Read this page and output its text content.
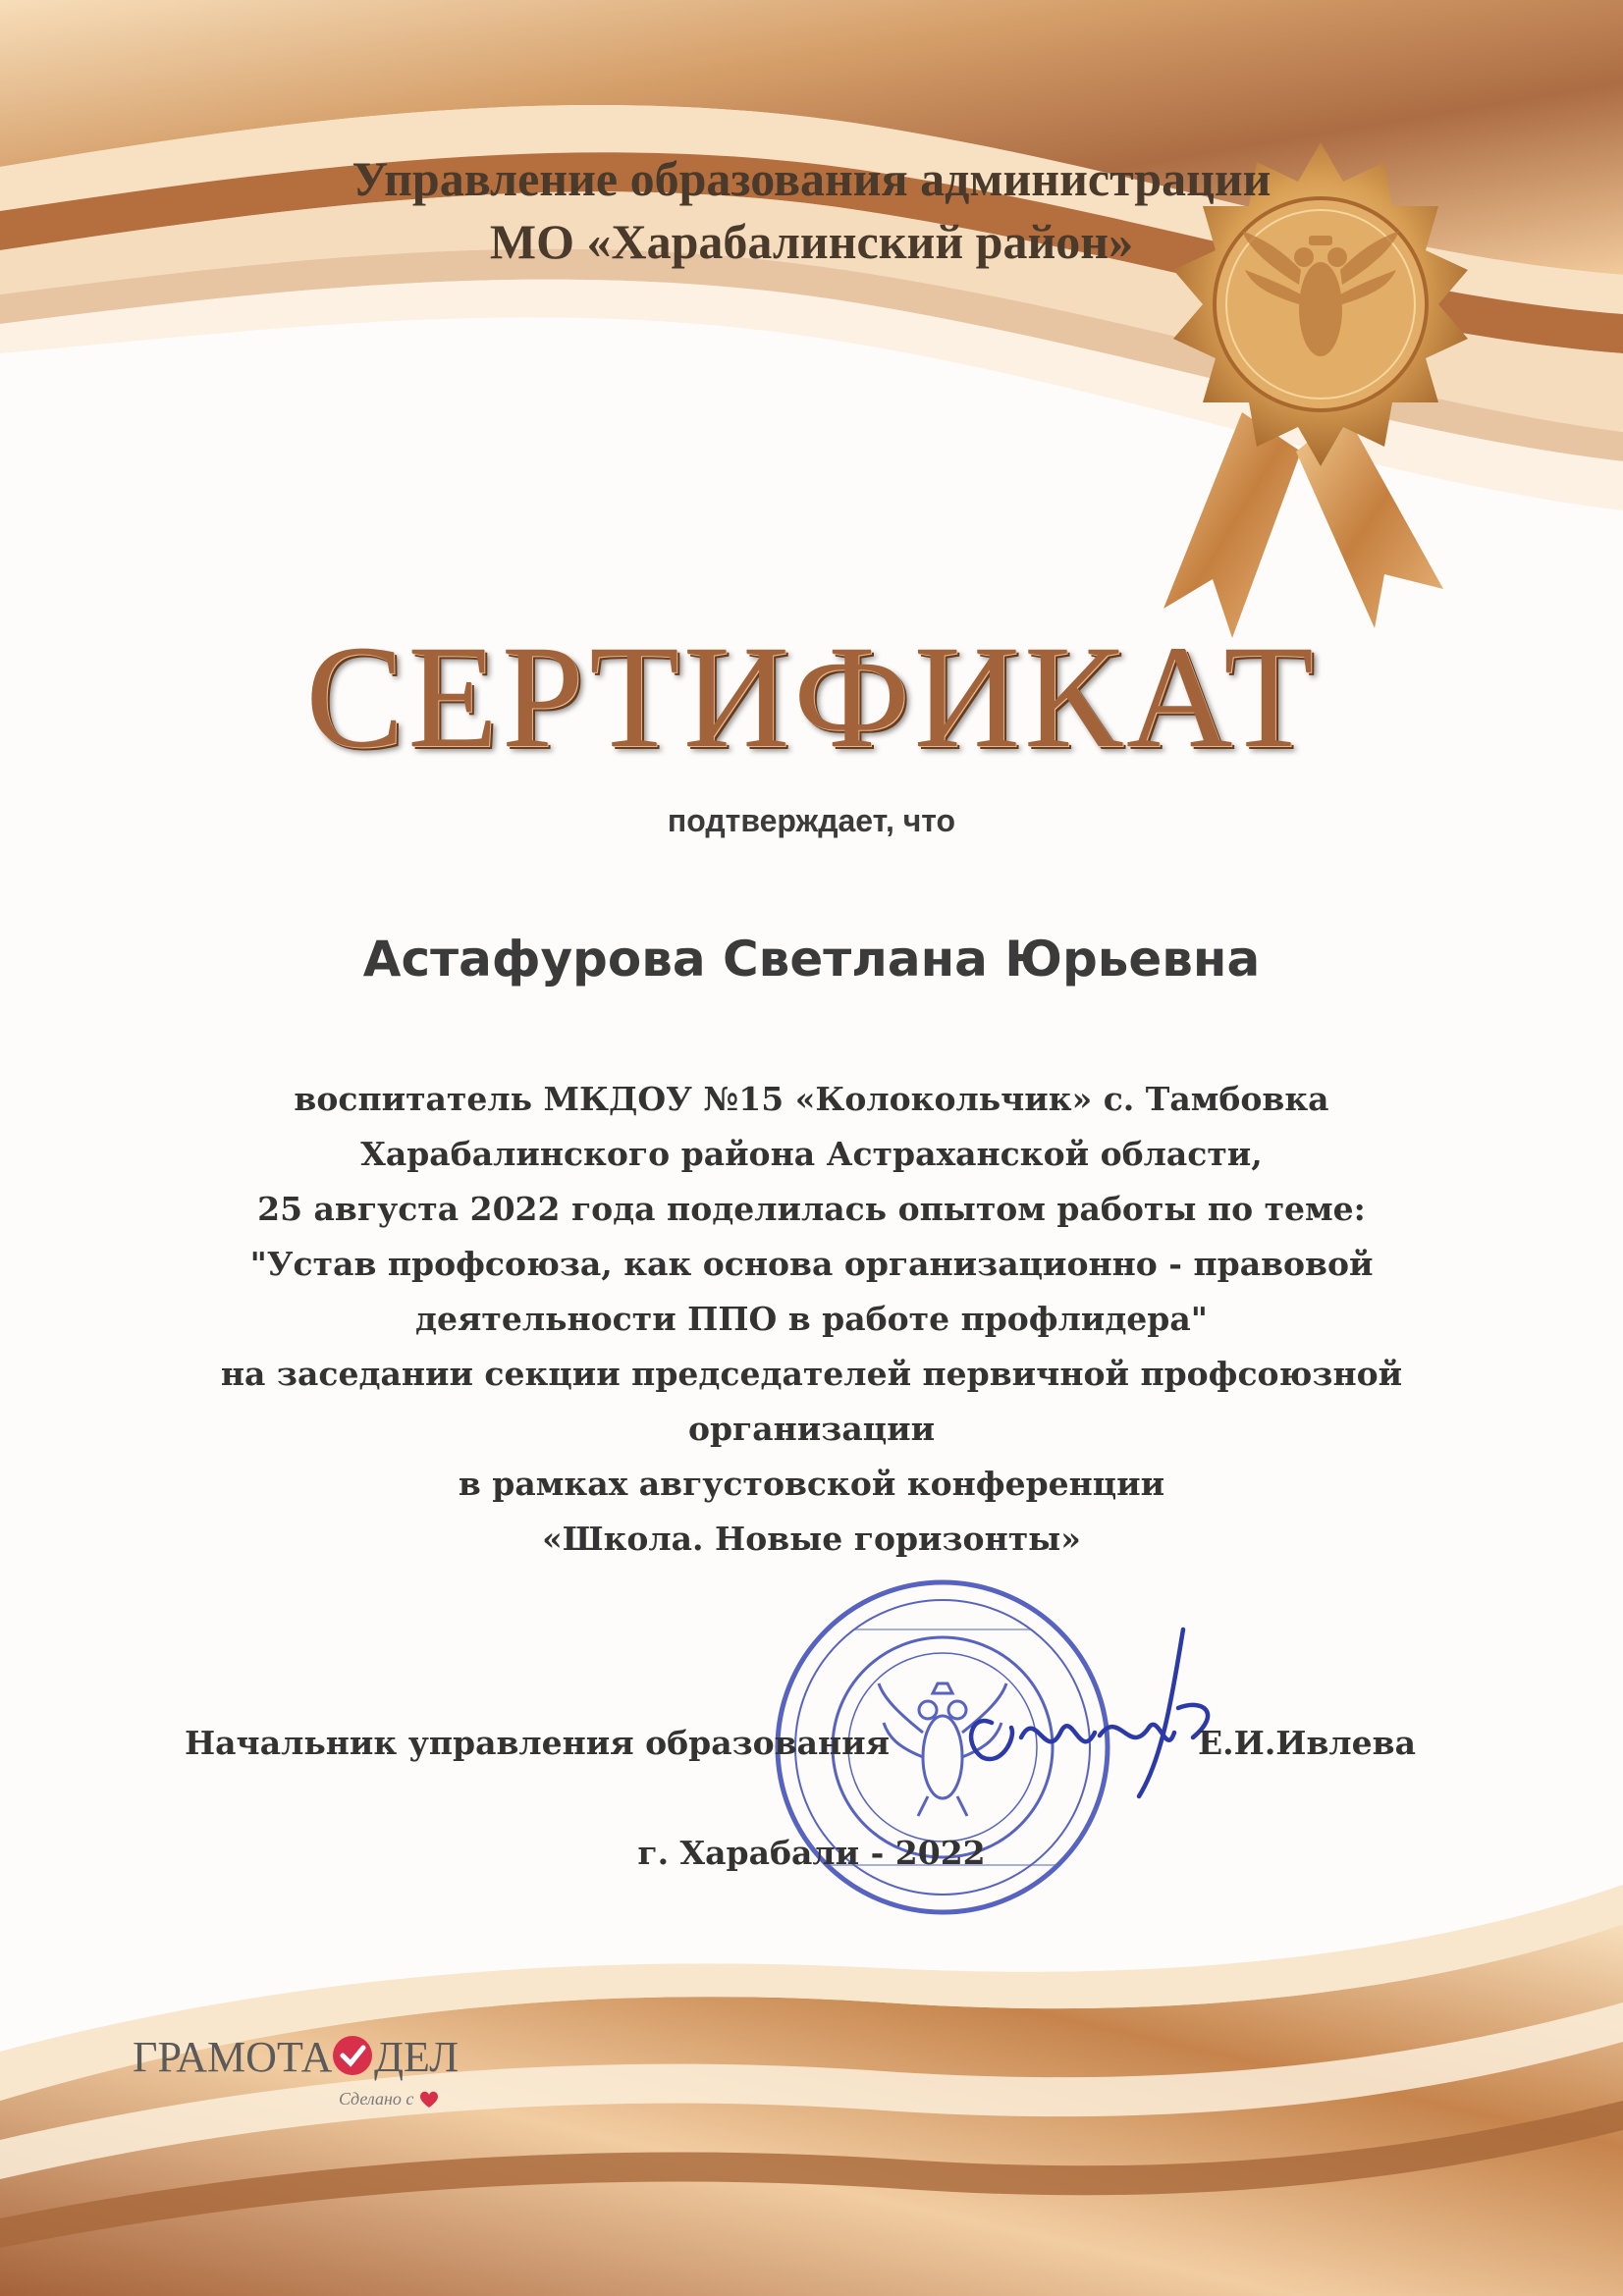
Управление образования администрации
МО «Харабалинский район»
СЕРТИФИКАТ
подтверждает, что
Астафурова Светлана Юрьевна
воспитатель МКДОУ №15 «Колокольчик» с. Тамбовка
Харабалинского района Астраханской области,
25 августа 2022 года поделилась опытом работы по теме:
"Устав профсоюза, как основа организационно - правовой
деятельности ППО в работе профлидера"
на заседании секции председателей первичной профсоюзной
организации
в рамках августовской конференции
«Школа. Новые горизонты»
Начальник управления образования	Е.И.Ивлева
г. Харабали - 2022
ГРАМОТА ДЕЛ
Сделано с
